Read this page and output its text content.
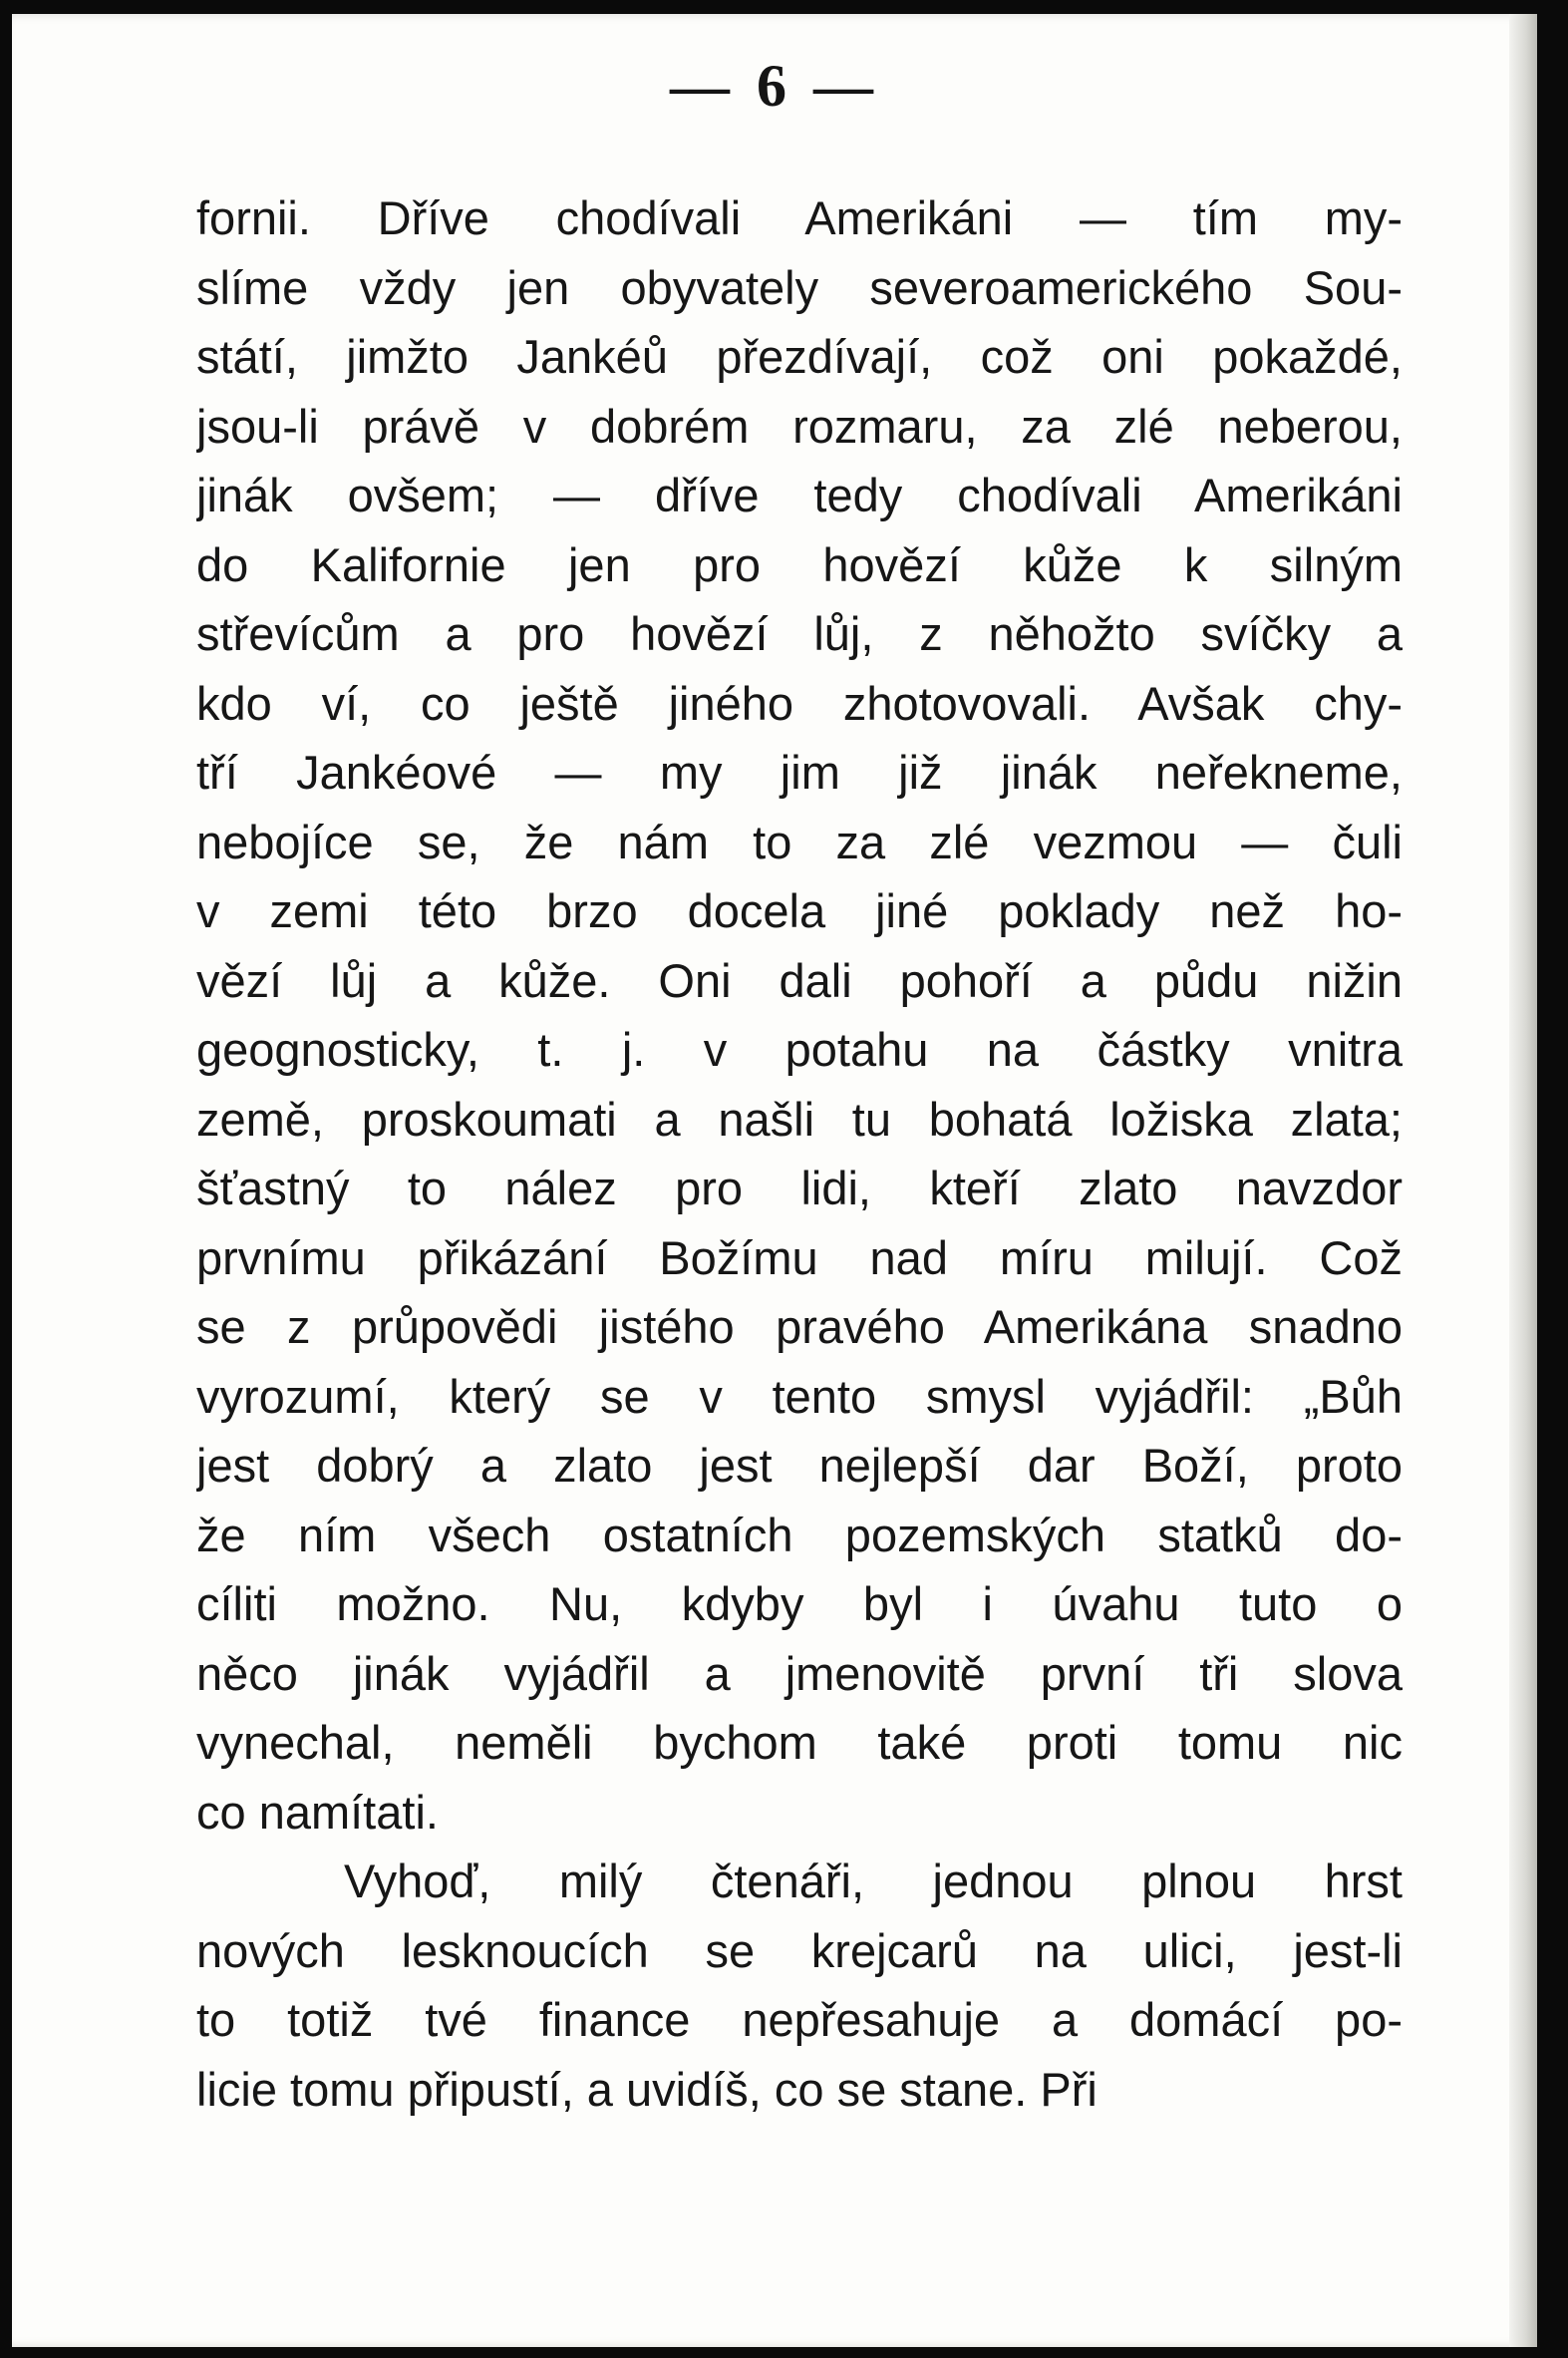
— 6 —
fornii. Dříve chodívali Amerikáni — tím my-
slíme vždy jen obyvately severoamerického Sou-
státí, jimžto Jankéů přezdívají, což oni pokaždé,
jsou-li právě v dobrém rozmaru, za zlé neberou,
jinák ovšem; — dříve tedy chodívali Amerikáni
do Kalifornie jen pro hovězí kůže k silným
střevícům a pro hovězí lůj, z něhožto svíčky a
kdo ví, co ještě jiného zhotovovali. Avšak chy-
tří Jankéové — my jim již jinák neřekneme,
nebojíce se, že nám to za zlé vezmou — čuli
v zemi této brzo docela jiné poklady než ho-
vězí lůj a kůže. Oni dali pohoří a půdu nižin
geognosticky, t. j. v potahu na částky vnitra
země, proskoumati a našli tu bohatá ložiska zlata;
šťastný to nález pro lidi, kteří zlato navzdor
prvnímu přikázání Božímu nad míru milují. Což
se z průpovědi jistého pravého Amerikána snadno
vyrozumí, který se v tento smysl vyjádřil: „Bůh
jest dobrý a zlato jest nejlepší dar Boží, proto
že ním všech ostatních pozemských statků do-
cíliti možno. Nu, kdyby byl i úvahu tuto o
něco jinák vyjádřil a jmenovitě první tři slova
vynechal, neměli bychom také proti tomu nic
co namítati.
Vyhoď, milý čtenáři, jednou plnou hrst
nových lesknoucích se krejcarů na ulici, jest-li
to totiž tvé finance nepřesahuje a domácí po-
licie tomu připustí, a uvidíš, co se stane. Při
